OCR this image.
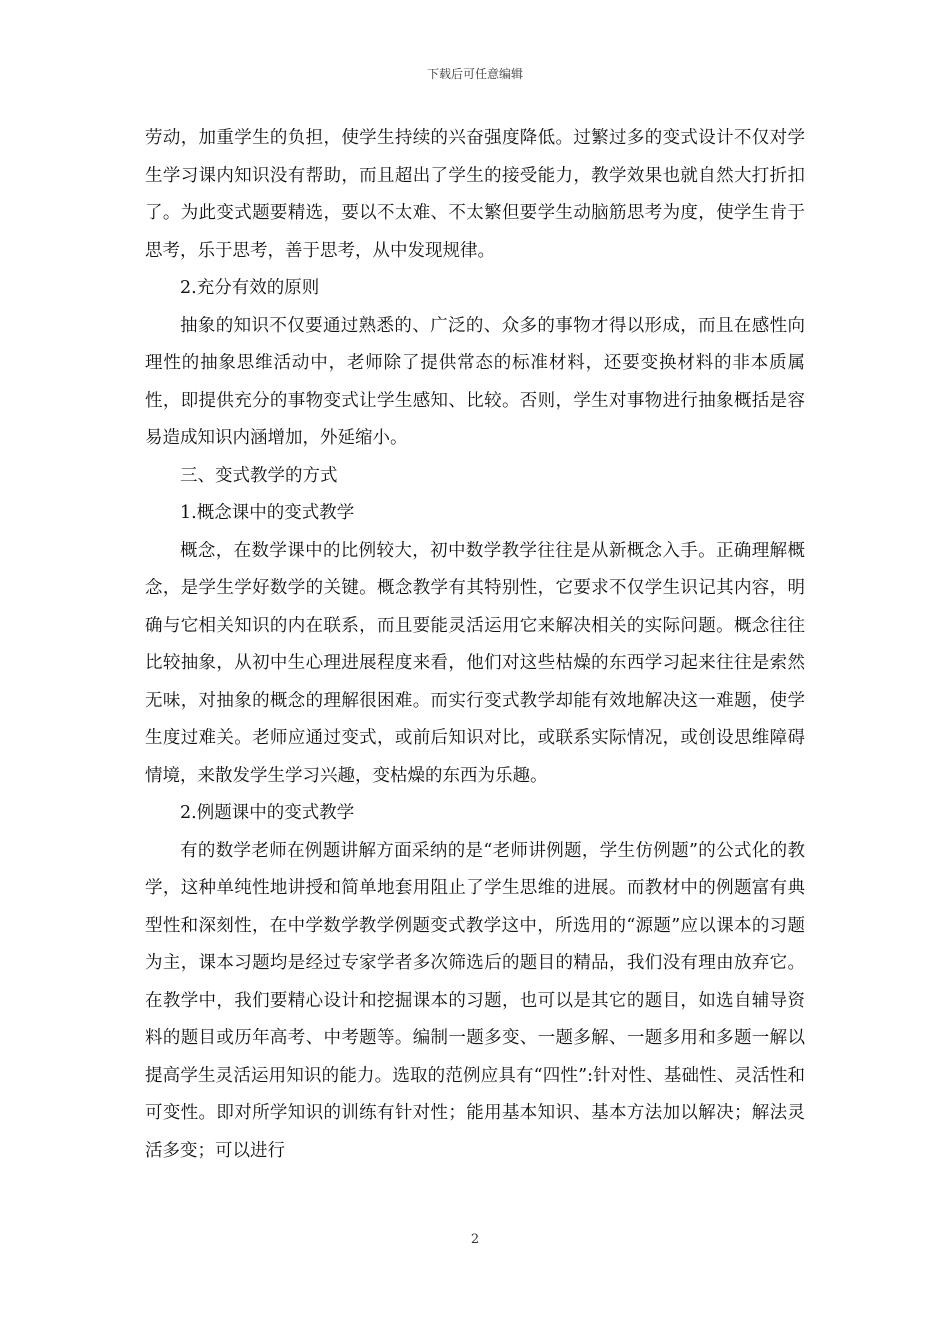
下载后可任意编辑

劳动，加重学生的负担，使学生持续的兴奋强度降低。过繁过多的变式设计不仅对学生学习课内知识没有帮助，而且超出了学生的接受能力，教学效果也就自然大打折扣了。为此变式题要精选，要以不太难、不太繁但要学生动脑筋思考为度，使学生肯于思考，乐于思考，善于思考，从中发现规律。

2.充分有效的原则

抽象的知识不仅要通过熟悉的、广泛的、众多的事物才得以形成，而且在感性向理性的抽象思维活动中，老师除了提供常态的标准材料，还要变换材料的非本质属性，即提供充分的事物变式让学生感知、比较。否则，学生对事物进行抽象概括是容易造成知识内涵增加，外延缩小。

三、变式教学的方式

1.概念课中的变式教学

概念，在数学课中的比例较大，初中数学教学往往是从新概念入手。正确理解概念，是学生学好数学的关键。概念教学有其特别性，它要求不仅学生识记其内容，明确与它相关知识的内在联系，而且要能灵活运用它来解决相关的实际问题。概念往往比较抽象，从初中生心理进展程度来看，他们对这些枯燥的东西学习起来往往是索然无味，对抽象的概念的理解很困难。而实行变式教学却能有效地解决这一难题，使学生度过难关。老师应通过变式，或前后知识对比，或联系实际情况，或创设思维障碍情境，来散发学生学习兴趣，变枯燥的东西为乐趣。

2.例题课中的变式教学

有的数学老师在例题讲解方面采纳的是“老师讲例题，学生仿例题”的公式化的教学，这种单纯性地讲授和简单地套用阻止了学生思维的进展。而教材中的例题富有典型性和深刻性，在中学数学教学例题变式教学这中，所选用的“源题”应以课本的习题为主，课本习题均是经过专家学者多次筛选后的题目的精品，我们没有理由放弃它。在教学中，我们要精心设计和挖掘课本的习题，也可以是其它的题目，如选自辅导资料的题目或历年高考、中考题等。编制一题多变、一题多解、一题多用和多题一解以提高学生灵活运用知识的能力。选取的范例应具有“四性”:针对性、基础性、灵活性和可变性。即对所学知识的训练有针对性；能用基本知识、基本方法加以解决；解法灵活多变；可以进行

2
